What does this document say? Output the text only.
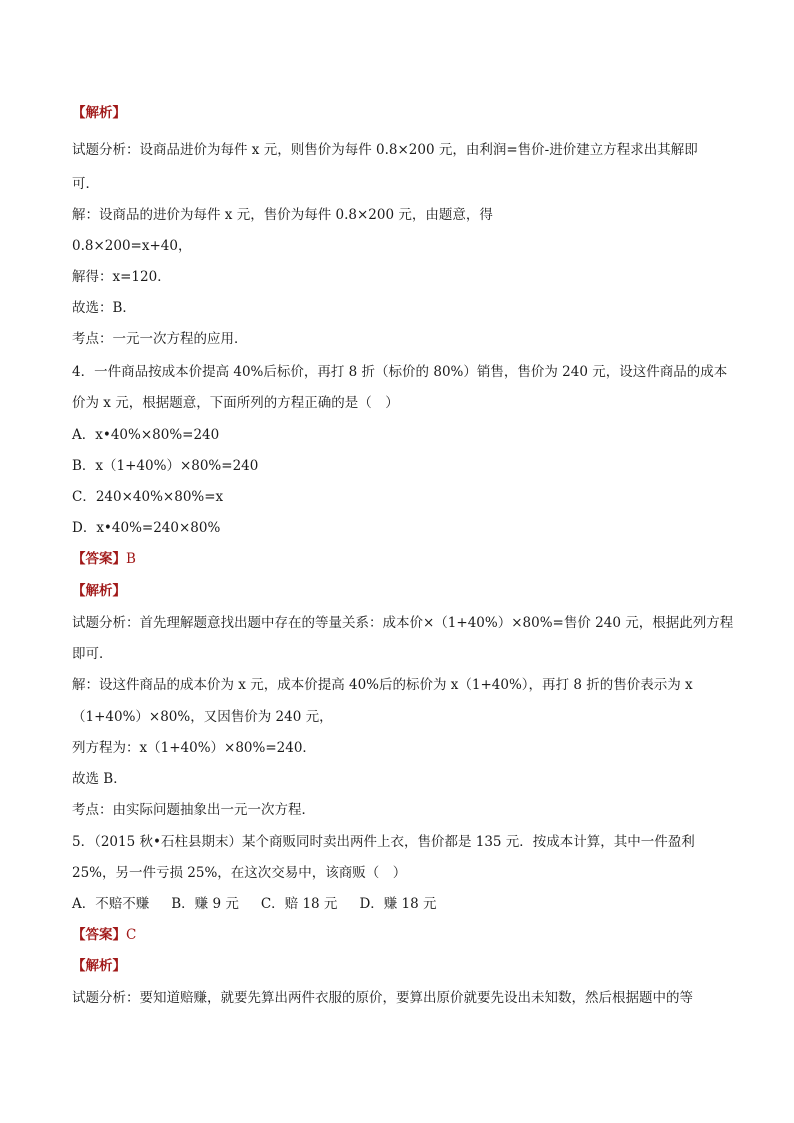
【解析】
试题分析：设商品进价为每件 x 元，则售价为每件 0.8×200 元，由利润=售价-进价建立方程求出其解即
可．
解：设商品的进价为每件 x 元，售价为每件 0.8×200 元，由题意，得
0.8×200=x+40，
解得：x=120．
故选：B．
考点：一元一次方程的应用．
4．一件商品按成本价提高 40%后标价，再打 8 折（标价的 80%）销售，售价为 240 元，设这件商品的成本
价为 x 元，根据题意，下面所列的方程正确的是（　）
A．x•40%×80%=240
B．x（1+40%）×80%=240
C．240×40%×80%=x
D．x•40%=240×80%
【答案】B
【解析】
试题分析：首先理解题意找出题中存在的等量关系：成本价×（1+40%）×80%=售价 240 元，根据此列方程
即可．
解：设这件商品的成本价为 x 元，成本价提高 40%后的标价为 x（1+40%），再打 8 折的售价表示为 x
（1+40%）×80%，又因售价为 240 元，
列方程为：x（1+40%）×80%=240．
故选 B．
考点：由实际问题抽象出一元一次方程．
5．（2015 秋•石柱县期末）某个商贩同时卖出两件上衣，售价都是 135 元．按成本计算，其中一件盈利
25%，另一件亏损 25%，在这次交易中，该商贩（　）
A．不赔不赚 B．赚 9 元 C．赔 18 元 D．赚 18 元
【答案】C
【解析】
试题分析：要知道赔赚，就要先算出两件衣服的原价，要算出原价就要先设出未知数，然后根据题中的等
